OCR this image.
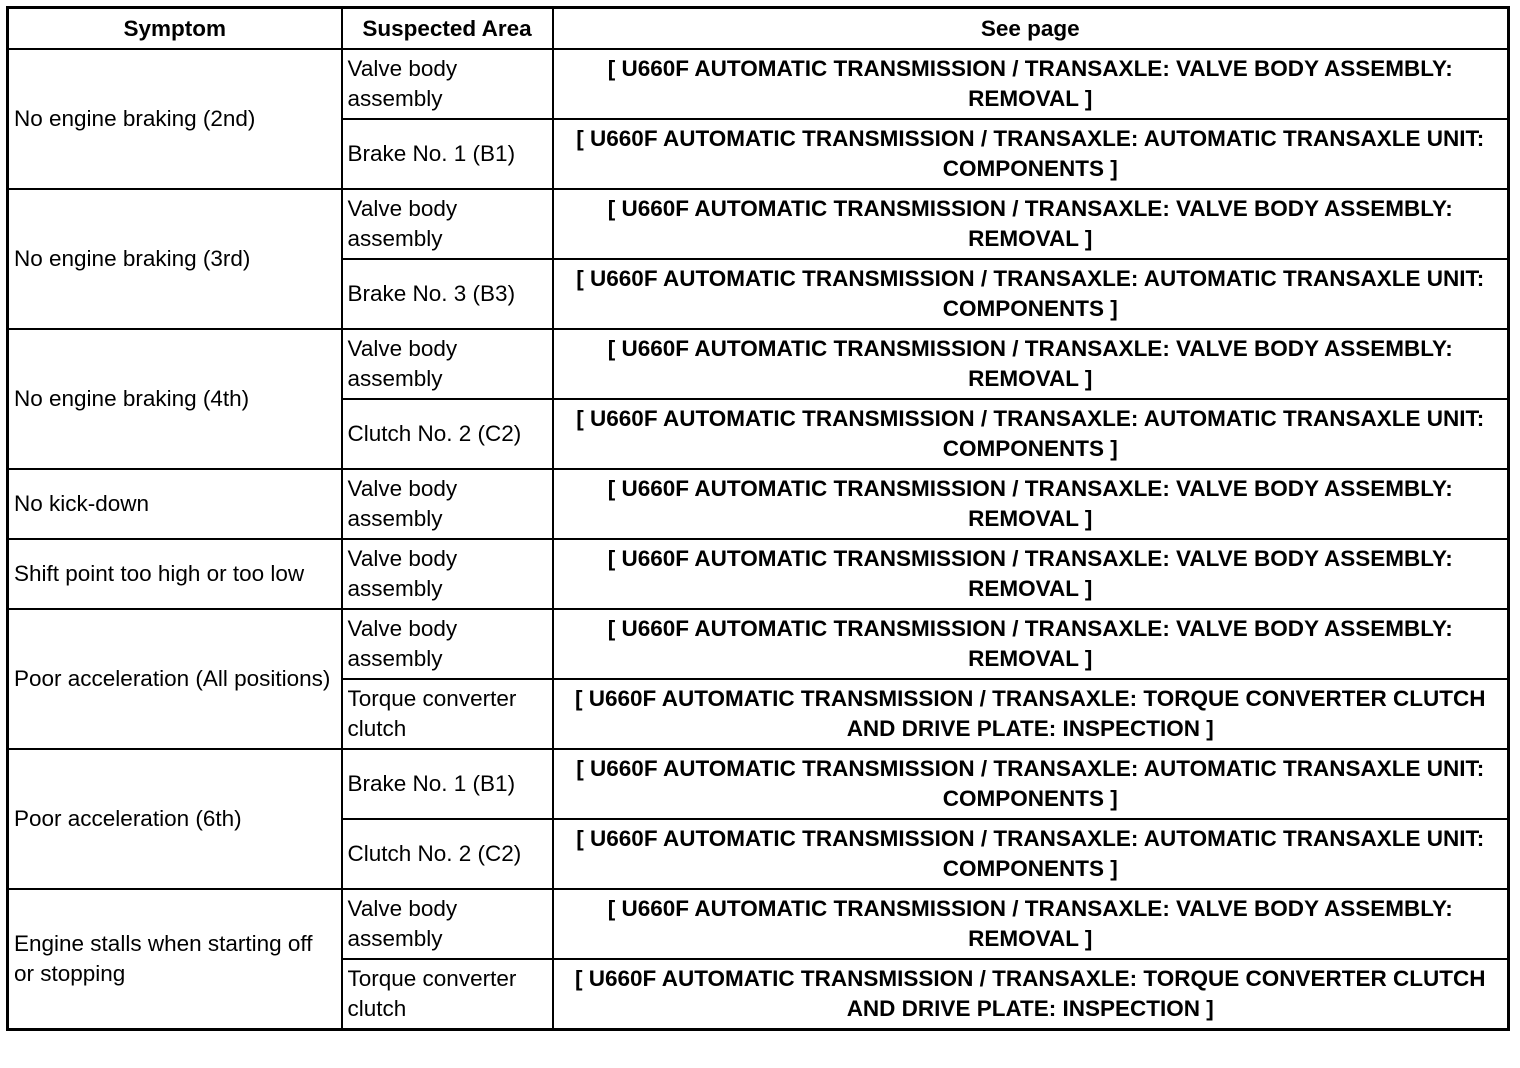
Symptom	Suspected Area	See page
No engine braking (2nd)	Valve body assembly	[ U660F AUTOMATIC TRANSMISSION / TRANSAXLE: VALVE BODY ASSEMBLY: REMOVAL ]
	Brake No. 1 (B1)	[ U660F AUTOMATIC TRANSMISSION / TRANSAXLE: AUTOMATIC TRANSAXLE UNIT: COMPONENTS ]
No engine braking (3rd)	Valve body assembly	[ U660F AUTOMATIC TRANSMISSION / TRANSAXLE: VALVE BODY ASSEMBLY: REMOVAL ]
	Brake No. 3 (B3)	[ U660F AUTOMATIC TRANSMISSION / TRANSAXLE: AUTOMATIC TRANSAXLE UNIT: COMPONENTS ]
No engine braking (4th)	Valve body assembly	[ U660F AUTOMATIC TRANSMISSION / TRANSAXLE: VALVE BODY ASSEMBLY: REMOVAL ]
	Clutch No. 2 (C2)	[ U660F AUTOMATIC TRANSMISSION / TRANSAXLE: AUTOMATIC TRANSAXLE UNIT: COMPONENTS ]
No kick-down	Valve body assembly	[ U660F AUTOMATIC TRANSMISSION / TRANSAXLE: VALVE BODY ASSEMBLY: REMOVAL ]
Shift point too high or too low	Valve body assembly	[ U660F AUTOMATIC TRANSMISSION / TRANSAXLE: VALVE BODY ASSEMBLY: REMOVAL ]
Poor acceleration (All positions)	Valve body assembly	[ U660F AUTOMATIC TRANSMISSION / TRANSAXLE: VALVE BODY ASSEMBLY: REMOVAL ]
	Torque converter clutch	[ U660F AUTOMATIC TRANSMISSION / TRANSAXLE: TORQUE CONVERTER CLUTCH AND DRIVE PLATE: INSPECTION ]
Poor acceleration (6th)	Brake No. 1 (B1)	[ U660F AUTOMATIC TRANSMISSION / TRANSAXLE: AUTOMATIC TRANSAXLE UNIT: COMPONENTS ]
	Clutch No. 2 (C2)	[ U660F AUTOMATIC TRANSMISSION / TRANSAXLE: AUTOMATIC TRANSAXLE UNIT: COMPONENTS ]
Engine stalls when starting off or stopping	Valve body assembly	[ U660F AUTOMATIC TRANSMISSION / TRANSAXLE: VALVE BODY ASSEMBLY: REMOVAL ]
	Torque converter clutch	[ U660F AUTOMATIC TRANSMISSION / TRANSAXLE: TORQUE CONVERTER CLUTCH AND DRIVE PLATE: INSPECTION ]
